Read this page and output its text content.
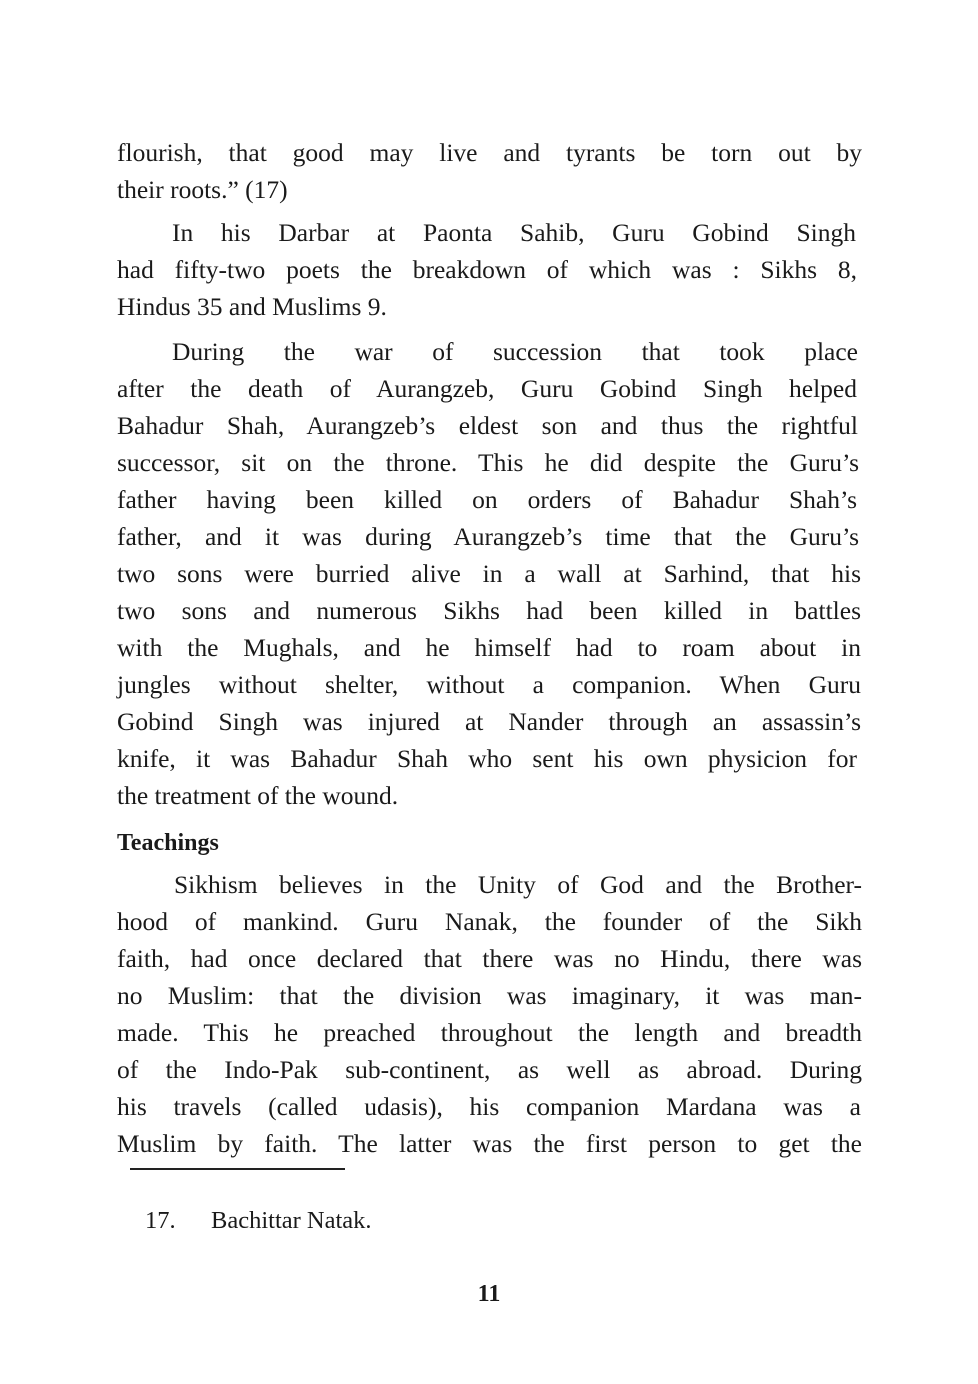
flourish, that good may live and tyrants be torn out by
their roots.” (17)
In his Darbar at Paonta Sahib, Guru Gobind Singh
had fifty-two poets the breakdown of which was : Sikhs 8,
Hindus 35 and Muslims 9.
During the war of succession that took place
after the death of Aurangzeb, Guru Gobind Singh helped
Bahadur Shah, Aurangzeb’s eldest son and thus the rightful
successor, sit on the throne. This he did despite the Guru’s
father having been killed on orders of Bahadur Shah’s
father, and it was during Aurangzeb’s time that the Guru’s
two sons were burried alive in a wall at Sarhind, that his
two sons and numerous Sikhs had been killed in battles
with the Mughals, and he himself had to roam about in
jungles without shelter, without a companion. When Guru
Gobind Singh was injured at Nander through an assassin’s
knife, it was Bahadur Shah who sent his own physicion for
the treatment of the wound.
Teachings
Sikhism believes in the Unity of God and the Brother-
hood of mankind. Guru Nanak, the founder of the Sikh
faith, had once declared that there was no Hindu, there was
no Muslim: that the division was imaginary, it was man-
made. This he preached throughout the length and breadth
of the Indo-Pak sub-continent, as well as abroad. During
his travels (called udasis), his companion Mardana was a
Muslim by faith. The latter was the first person to get the
17. Bachittar Natak.
11
